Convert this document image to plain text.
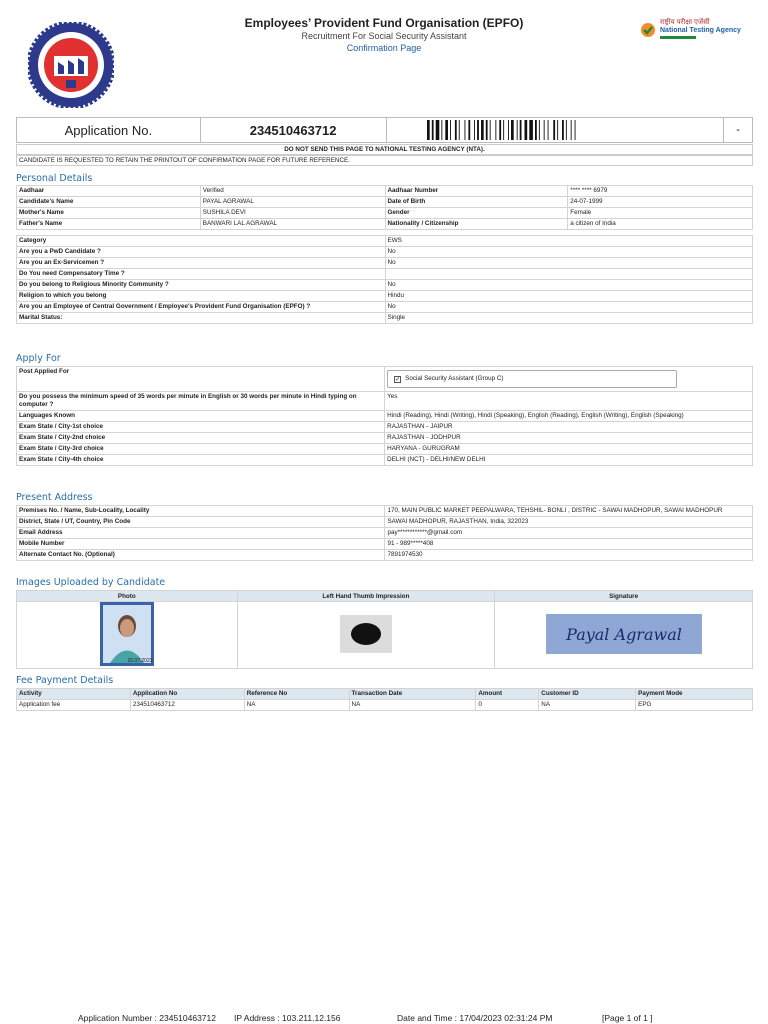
Employees’ Provident Fund Organisation (EPFO)
Recruitment For Social Security Assistant
Confirmation Page
राष्ट्रीय परीक्षा एजेंसी
National Testing Agency
Application No.	234510463712	-
DO NOT SEND THIS PAGE TO NATIONAL TESTING AGENCY (NTA).
CANDIDATE IS REQUESTED TO RETAIN THE PRINTOUT OF CONFIRMATION PAGE FOR FUTURE REFERENCE.
Personal Details
Aadhaar	Verified	Aadhaar Number	**** **** 6979
Candidate's Name	PAYAL AGRAWAL	Date of Birth	24-07-1999
Mother's Name	SUSHILA DEVI	Gender	Female
Father's Name	BANWARI LAL AGRAWAL	Nationality / Citizenship	a citizen of India
Category	EWS
Are you a PwD Candidate ?	No
Are you an Ex-Servicemen ?	No
Do You need Compensatory Time ?	
Do you belong to Religious Minority Community ?	No
Religion to which you belong	Hindu
Are you an Employee of Central Government / Employee's Provident Fund Organisation (EPFO) ?	No
Marital Status:	Single
Apply For
Post Applied For	✓ Social Security Assistant (Group C)

Do you possess the minimum speed of 35 words per minute in English or 30 words per minute in Hindi typing on computer ?	Yes
Languages Known	Hindi (Reading), Hindi (Writing), Hindi (Speaking), English (Reading), English (Writing), English (Speaking)
Exam State / City-1st choice	RAJASTHAN - JAIPUR
Exam State / City-2nd choice	RAJASTHAN - JODHPUR
Exam State / City-3rd choice	HARYANA - GURUGRAM
Exam State / City-4th choice	DELHI (NCT) - DELHI/NEW DELHI
Present Address
Premises No. / Name, Sub-Locality, Locality	170, MAIN PUBLIC MARKET PEEPALWARA, TEHSHIL- BONLI , DISTRIC - SAWAI MADHOPUR, SAWAI MADHOPUR
District, State / UT, Country, Pin Code	SAWAI MADHOPUR, RAJASTHAN, India, 322023
Email Address	pay************@gmail.com
Mobile Number	91 - 989*****408
Alternate Contact No. (Optional)	7891974530
Images Uploaded by Candidate
Photo	Left Hand Thumb Impression	Signature

15.07.2023		Payal Agrawal
Fee Payment Details
Activity	Application No	Reference No	Transaction Date	Amount	Customer ID	Payment Mode
Application fee	234510463712	NA	NA	0	NA	EPG
Application Number : 234510463712 IP Address : 103.211.12.156	Date and Time : 17/04/2023 02:31:24 PM	[Page 1 of 1 ]
